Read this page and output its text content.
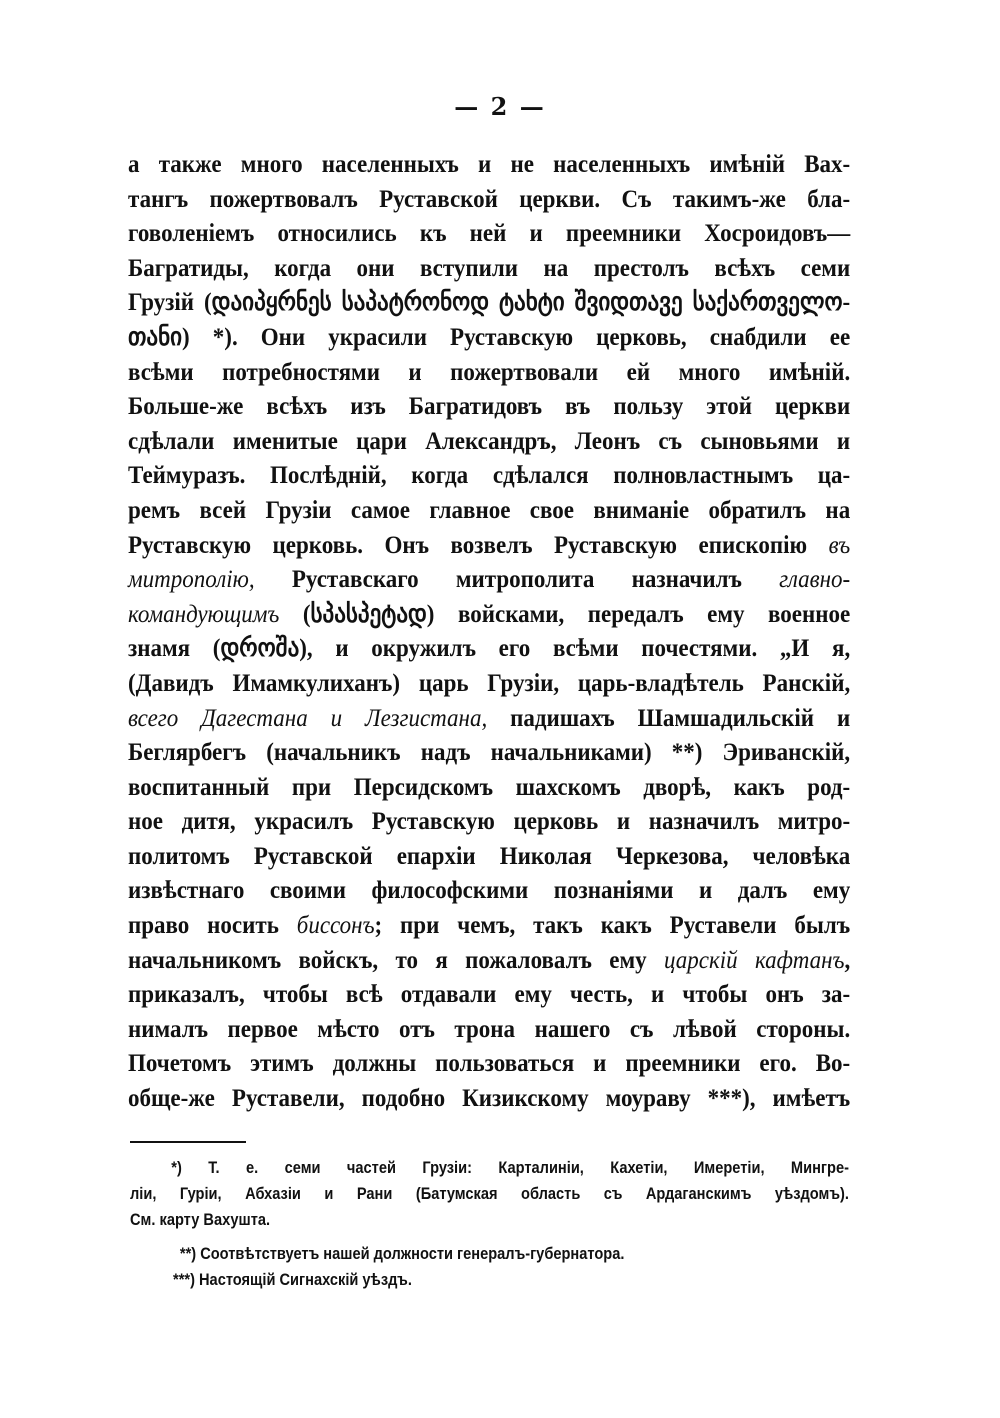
— 2 —
а также много населенныхъ и не населенныхъ имѣній Вах-
тангъ пожертвовалъ Руставской церкви. Съ такимъ-же бла-
говоленіемъ относились къ ней и преемники Хосроидовъ—
Багратиды, когда они вступили на престолъ всѣхъ семи
Грузій (დაიპყრნეს საპატრონოდ ტახტი შვიდთავე საქართველო-
თანი) *). Они украсили Руставскую церковь, снабдили ее
всѣми потребностями и пожертвовали ей много имѣній.
Больше-же всѣхъ изъ Багратидовъ въ пользу этой церкви
сдѣлали именитые цари Александръ, Леонъ съ сыновьями и
Теймуразъ. Послѣдній, когда сдѣлался полновластнымъ ца-
ремъ всей Грузіи самое главное свое вниманіе обратилъ на
Руставскую церковь. Онъ возвелъ Руставскую епископію въ
митрополію, Руставскаго митрополита назначилъ главно-
командующимъ (სპასპეტად) войсками, передалъ ему военное
знамя (დროშა), и окружилъ его всѣми почестями. „И я,
(Давидъ Имамкулиханъ) царь Грузіи, царь-владѣтель Ранскій,
всего Дагестана и Лезгистана, падишахъ Шамшадильскій и
Беглярбегъ (начальникъ надъ начальниками) **) Эриванскій,
воспитанный при Персидскомъ шахскомъ дворѣ, какъ род-
ное дитя, украсилъ Руставскую церковь и назначилъ митро-
политомъ Руставской епархіи Николая Черкезова, человѣка
извѣстнаго своими философскими познаніями и далъ ему
право носить биссонъ; при чемъ, такъ какъ Руставели былъ
начальникомъ войскъ, то я пожаловалъ ему царскій кафтанъ,
приказалъ, чтобы всѣ отдавали ему честь, и чтобы онъ за-
нималъ первое мѣсто отъ трона нашего съ лѣвой стороны.
Почетомъ этимъ должны пользоваться и преемники его. Во-
обще-же Руставели, подобно Кизикскому моураву ***), имѣетъ
*) Т. е. семи частей Грузіи: Карталиніи, Кахетіи, Имеретіи, Мингре-
ліи, Гуріи, Абхазіи и Рани (Батумская область съ Ардаганскимъ уѣздомъ).
См. карту Вахушта.
**) Соотвѣтствуетъ нашей должности генералъ-губернатора.
***) Настоящій Сигнахскій уѣздъ.
